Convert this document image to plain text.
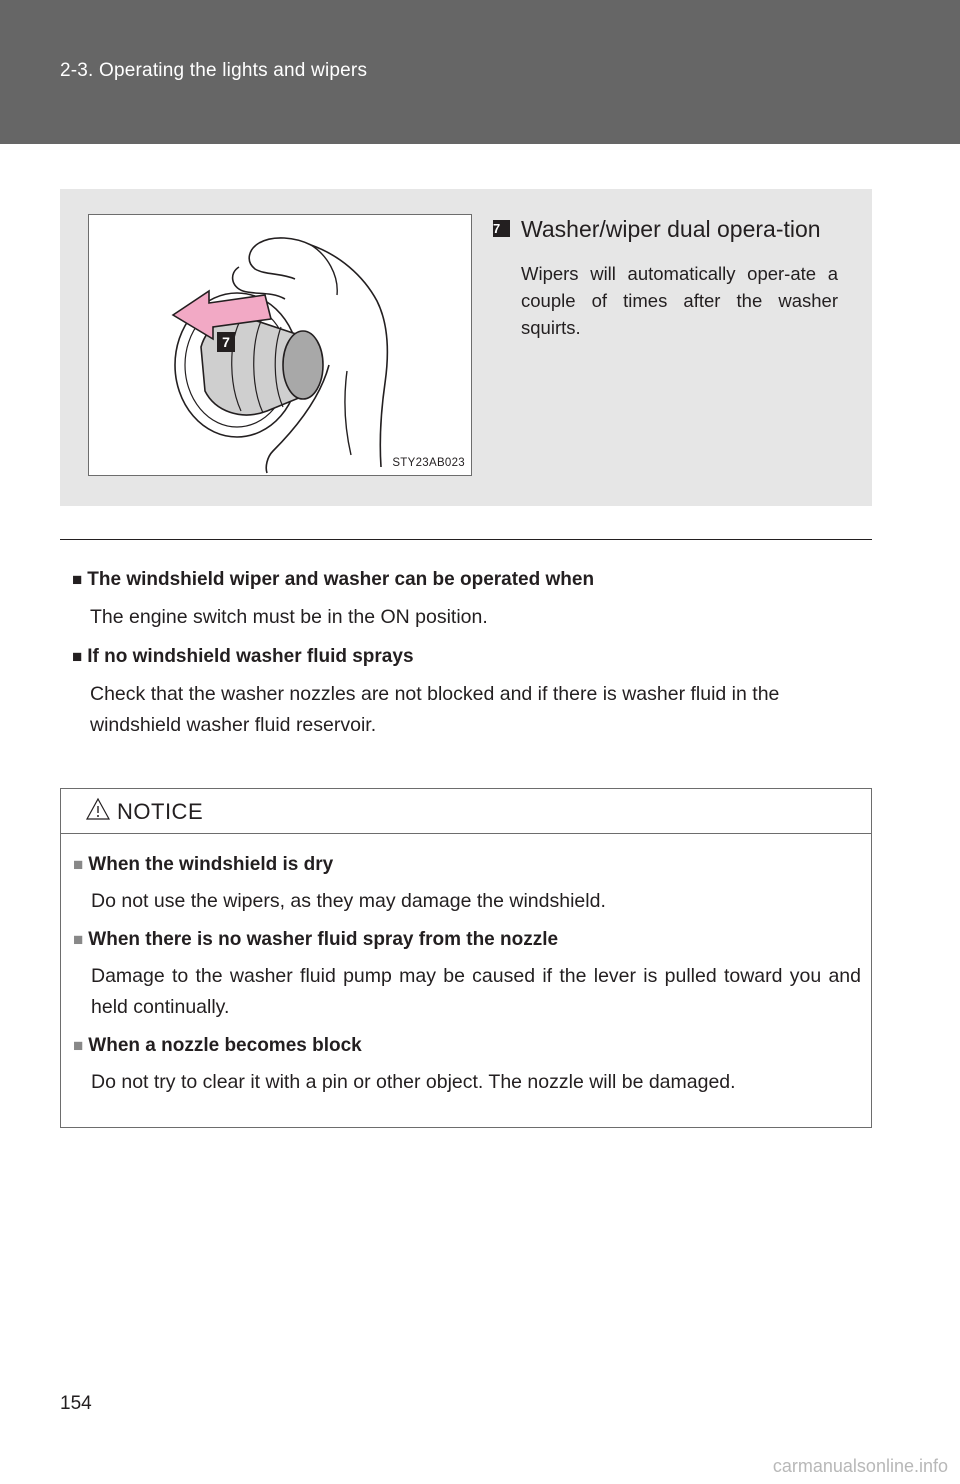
2-3. Operating the lights and wipers
7
STY23AB023
7 Washer/wiper dual opera-tion
Wipers will automatically oper-ate a couple of times after the washer squirts.
■ The windshield wiper and washer can be operated when
The engine switch must be in the ON position.
■ If no windshield washer fluid sprays
Check that the washer nozzles are not blocked and if there is washer fluid in the windshield washer fluid reservoir.
NOTICE
■ When the windshield is dry
Do not use the wipers, as they may damage the windshield.
■ When there is no washer fluid spray from the nozzle
Damage to the washer fluid pump may be caused if the lever is pulled toward you and held continually.
■ When a nozzle becomes block
Do not try to clear it with a pin or other object. The nozzle will be damaged.
154
carmanualsonline.info
